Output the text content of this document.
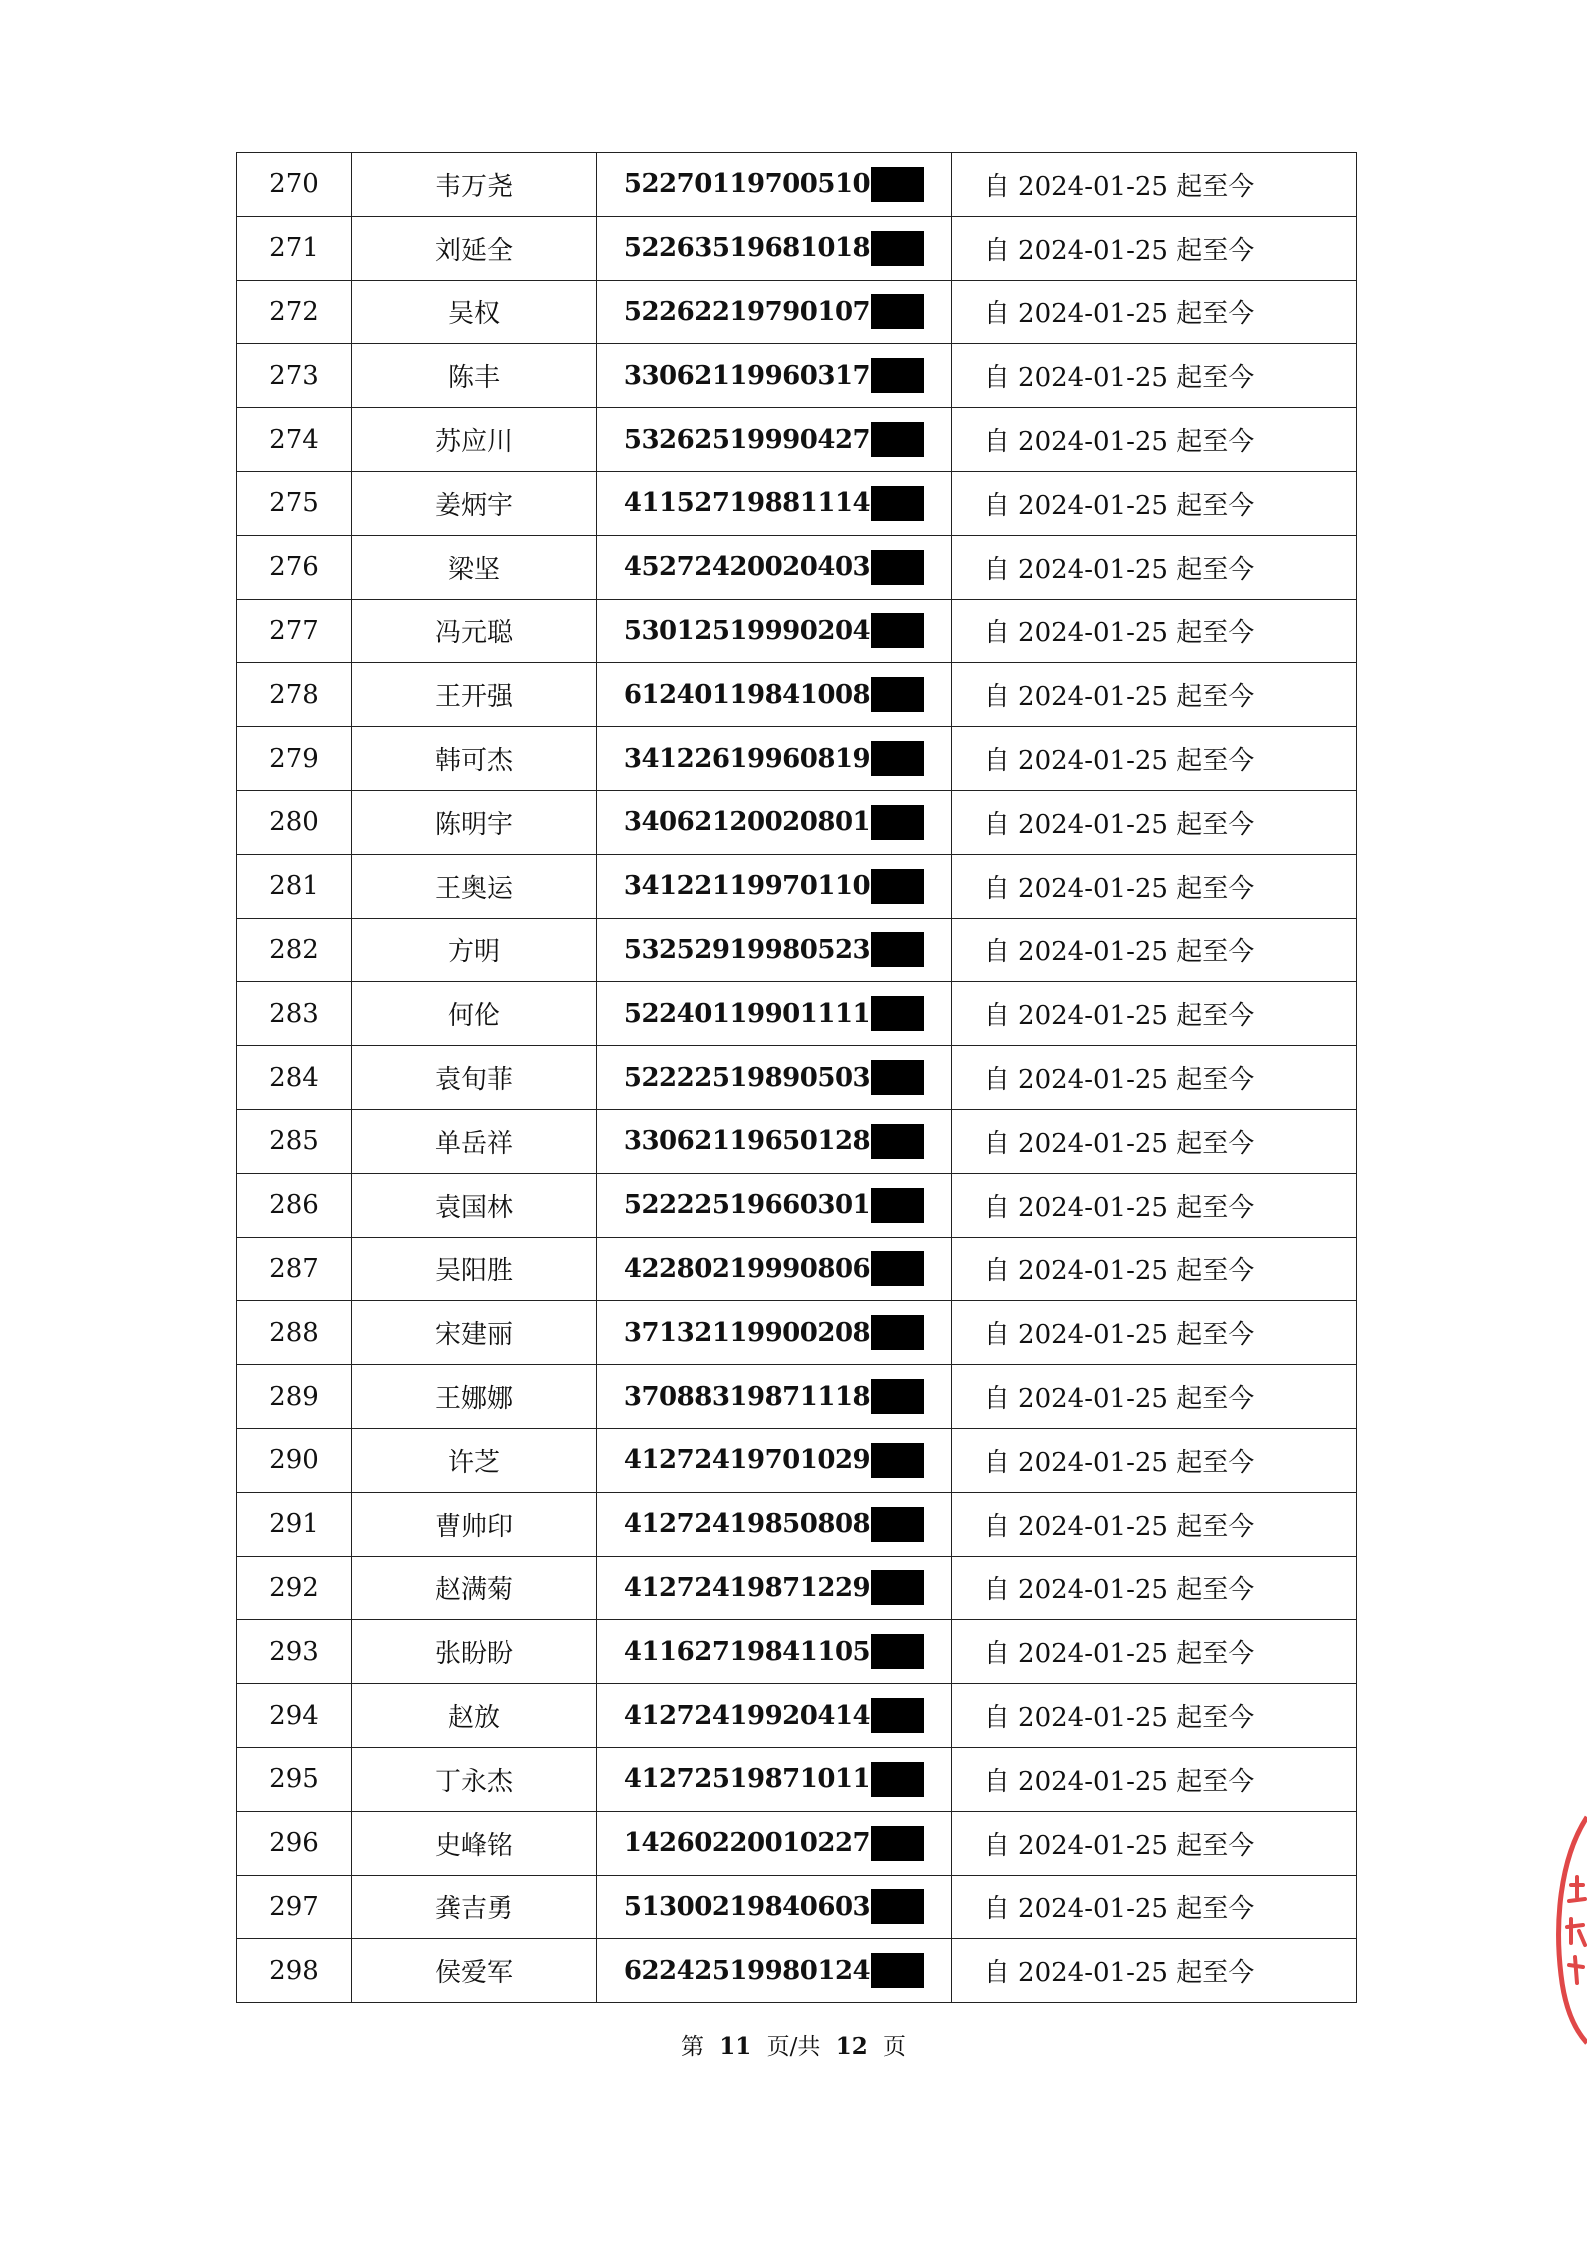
270	韦万尧	52270119700510	自 2024-01-25 起至今
271	刘延全	52263519681018	自 2024-01-25 起至今
272	吴权	52262219790107	自 2024-01-25 起至今
273	陈丰	33062119960317	自 2024-01-25 起至今
274	苏应川	53262519990427	自 2024-01-25 起至今
275	姜炳宇	41152719881114	自 2024-01-25 起至今
276	梁坚	45272420020403	自 2024-01-25 起至今
277	冯元聪	53012519990204	自 2024-01-25 起至今
278	王开强	61240119841008	自 2024-01-25 起至今
279	韩可杰	34122619960819	自 2024-01-25 起至今
280	陈明宇	34062120020801	自 2024-01-25 起至今
281	王奥运	34122119970110	自 2024-01-25 起至今
282	方明	53252919980523	自 2024-01-25 起至今
283	何伦	52240119901111	自 2024-01-25 起至今
284	袁旬菲	52222519890503	自 2024-01-25 起至今
285	单岳祥	33062119650128	自 2024-01-25 起至今
286	袁国林	52222519660301	自 2024-01-25 起至今
287	吴阳胜	42280219990806	自 2024-01-25 起至今
288	宋建丽	37132119900208	自 2024-01-25 起至今
289	王娜娜	37088319871118	自 2024-01-25 起至今
290	许芝	41272419701029	自 2024-01-25 起至今
291	曹帅印	41272419850808	自 2024-01-25 起至今
292	赵满菊	41272419871229	自 2024-01-25 起至今
293	张盼盼	41162719841105	自 2024-01-25 起至今
294	赵放	41272419920414	自 2024-01-25 起至今
295	丁永杰	41272519871011	自 2024-01-25 起至今
296	史峰铭	14260220010227	自 2024-01-25 起至今
297	龚吉勇	51300219840603	自 2024-01-25 起至今
298	侯爱军	62242519980124	自 2024-01-25 起至今
第 11 页/共 12 页
